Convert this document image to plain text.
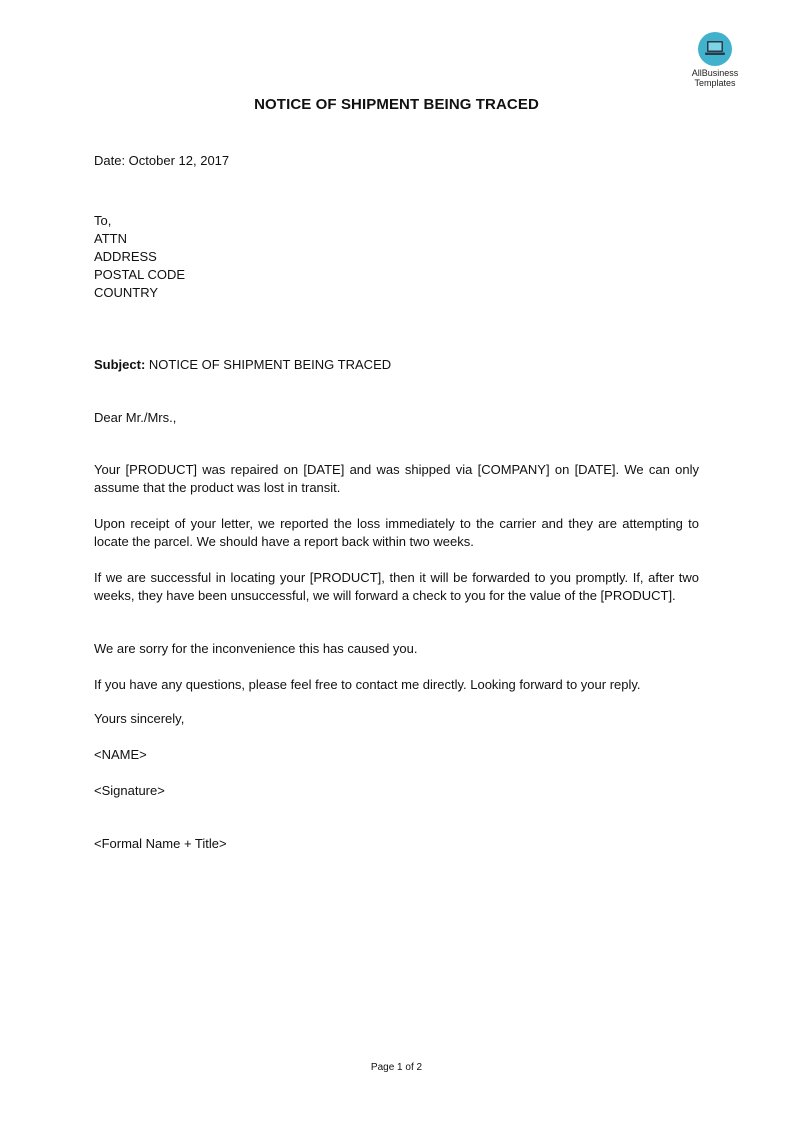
AllBusiness
Templates
NOTICE OF SHIPMENT BEING TRACED
Date: October 12, 2017
To,
ATTN
ADDRESS
POSTAL CODE
COUNTRY
Subject: NOTICE OF SHIPMENT BEING TRACED
Dear Mr./Mrs.,
Your [PRODUCT] was repaired on [DATE] and was shipped via [COMPANY] on [DATE]. We can only assume that the product was lost in transit.
Upon receipt of your letter, we reported the loss immediately to the carrier and they are attempting to locate the parcel. We should have a report back within two weeks.
If we are successful in locating your [PRODUCT], then it will be forwarded to you promptly. If, after two weeks, they have been unsuccessful, we will forward a check to you for the value of the [PRODUCT].
We are sorry for the inconvenience this has caused you.
If you have any questions, please feel free to contact me directly. Looking forward to your reply.
Yours sincerely,
<NAME>
<Signature>
<Formal Name + Title>
Page 1 of 2
